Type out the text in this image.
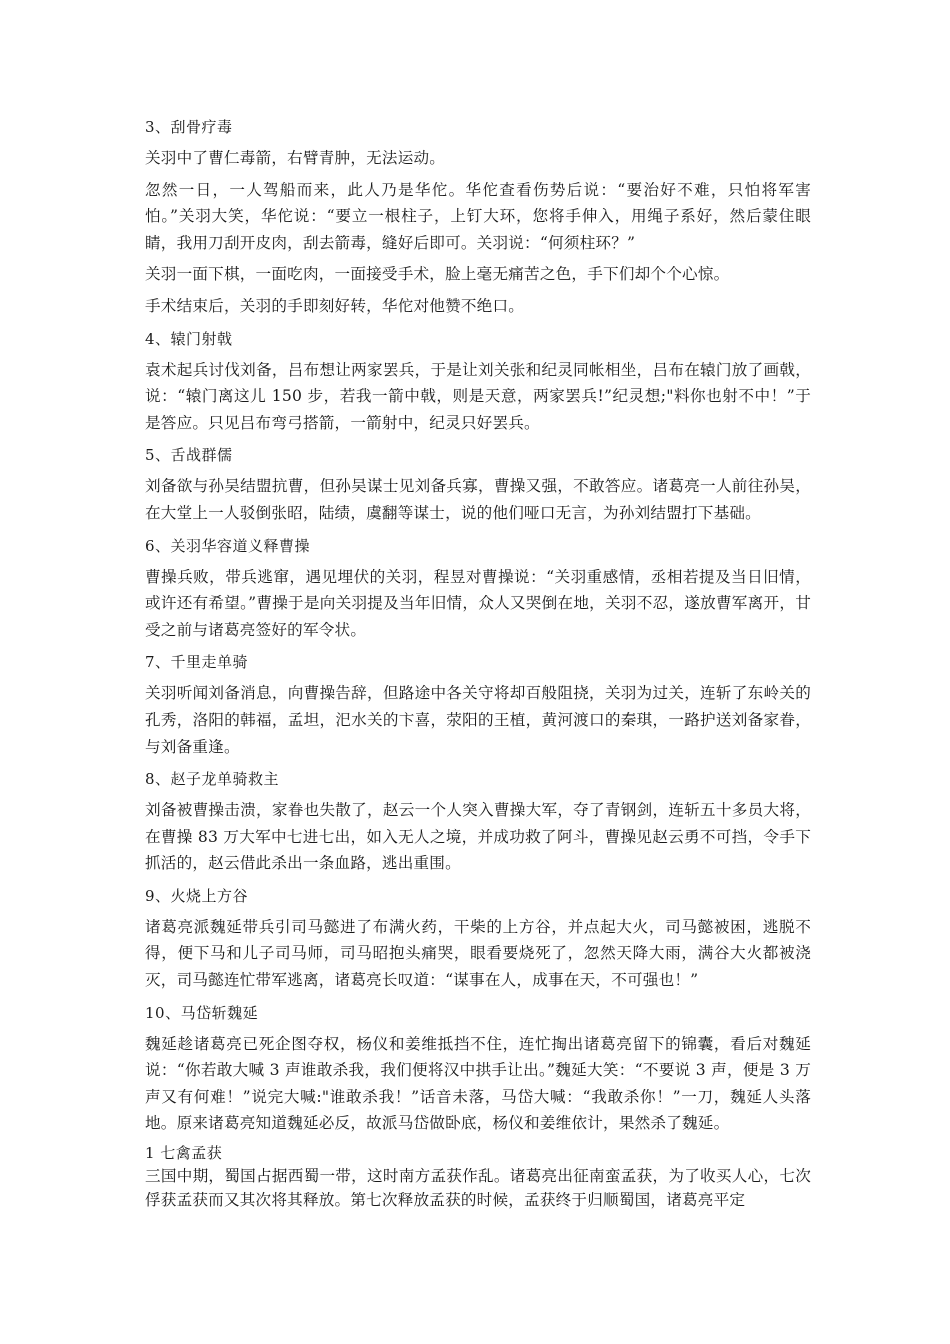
3、刮骨疗毒

关羽中了曹仁毒箭，右臂青肿，无法运动。

忽然一日，一人驾船而来，此人乃是华佗。华佗查看伤势后说：“要治好不难，只怕将军害怕。”关羽大笑，华佗说：“要立一根柱子，上钉大环，您将手伸入，用绳子系好，然后蒙住眼睛，我用刀刮开皮肉，刮去箭毒，缝好后即可。关羽说：“何须柱环？”

关羽一面下棋，一面吃肉，一面接受手术，脸上毫无痛苦之色，手下们却个个心惊。

手术结束后，关羽的手即刻好转，华佗对他赞不绝口。

4、辕门射戟

袁术起兵讨伐刘备，吕布想让两家罢兵，于是让刘关张和纪灵同帐相坐，吕布在辕门放了画戟，说：“辕门离这儿 150 步，若我一箭中戟，则是天意，两家罢兵!”纪灵想;"料你也射不中！”于是答应。只见吕布弯弓搭箭，一箭射中，纪灵只好罢兵。

5、舌战群儒

刘备欲与孙吴结盟抗曹，但孙吴谋士见刘备兵寡，曹操又强，不敢答应。诸葛亮一人前往孙吴，在大堂上一人驳倒张昭，陆绩，虞翻等谋士，说的他们哑口无言，为孙刘结盟打下基础。

6、关羽华容道义释曹操

曹操兵败，带兵逃窜，遇见埋伏的关羽，程昱对曹操说：“关羽重感情，丞相若提及当日旧情，或许还有希望。”曹操于是向关羽提及当年旧情，众人又哭倒在地，关羽不忍，遂放曹军离开，甘受之前与诸葛亮签好的军令状。

7、千里走单骑

关羽听闻刘备消息，向曹操告辞，但路途中各关守将却百般阻挠，关羽为过关，连斩了东岭关的孔秀，洛阳的韩福，孟坦，汜水关的卞喜，荥阳的王植，黄河渡口的秦琪，一路护送刘备家眷，与刘备重逢。

8、赵子龙单骑救主

刘备被曹操击溃，家眷也失散了，赵云一个人突入曹操大军，夺了青钢剑，连斩五十多员大将，在曹操 83 万大军中七进七出，如入无人之境，并成功救了阿斗，曹操见赵云勇不可挡，令手下抓活的，赵云借此杀出一条血路，逃出重围。

9、火烧上方谷

诸葛亮派魏延带兵引司马懿进了布满火药，干柴的上方谷，并点起大火，司马懿被困，逃脱不得，便下马和儿子司马师，司马昭抱头痛哭，眼看要烧死了，忽然天降大雨，满谷大火都被浇灭，司马懿连忙带军逃离，诸葛亮长叹道：“谋事在人，成事在天，不可强也！”

10、马岱斩魏延

魏延趁诸葛亮已死企图夺权，杨仪和姜维抵挡不住，连忙掏出诸葛亮留下的锦囊，看后对魏延说：“你若敢大喊 3 声谁敢杀我，我们便将汉中拱手让出。”魏延大笑：“不要说 3 声，便是 3 万声又有何难！”说完大喊:"谁敢杀我！”话音未落，马岱大喊：“我敢杀你！”一刀，魏延人头落地。原来诸葛亮知道魏延必反，故派马岱做卧底，杨仪和姜维依计，果然杀了魏延。

1 七禽孟获

三国中期，蜀国占据西蜀一带，这时南方孟获作乱。诸葛亮出征南蛮孟获，为了收买人心，七次俘获孟获而又其次将其释放。第七次释放孟获的时候，孟获终于归顺蜀国，诸葛亮平定
